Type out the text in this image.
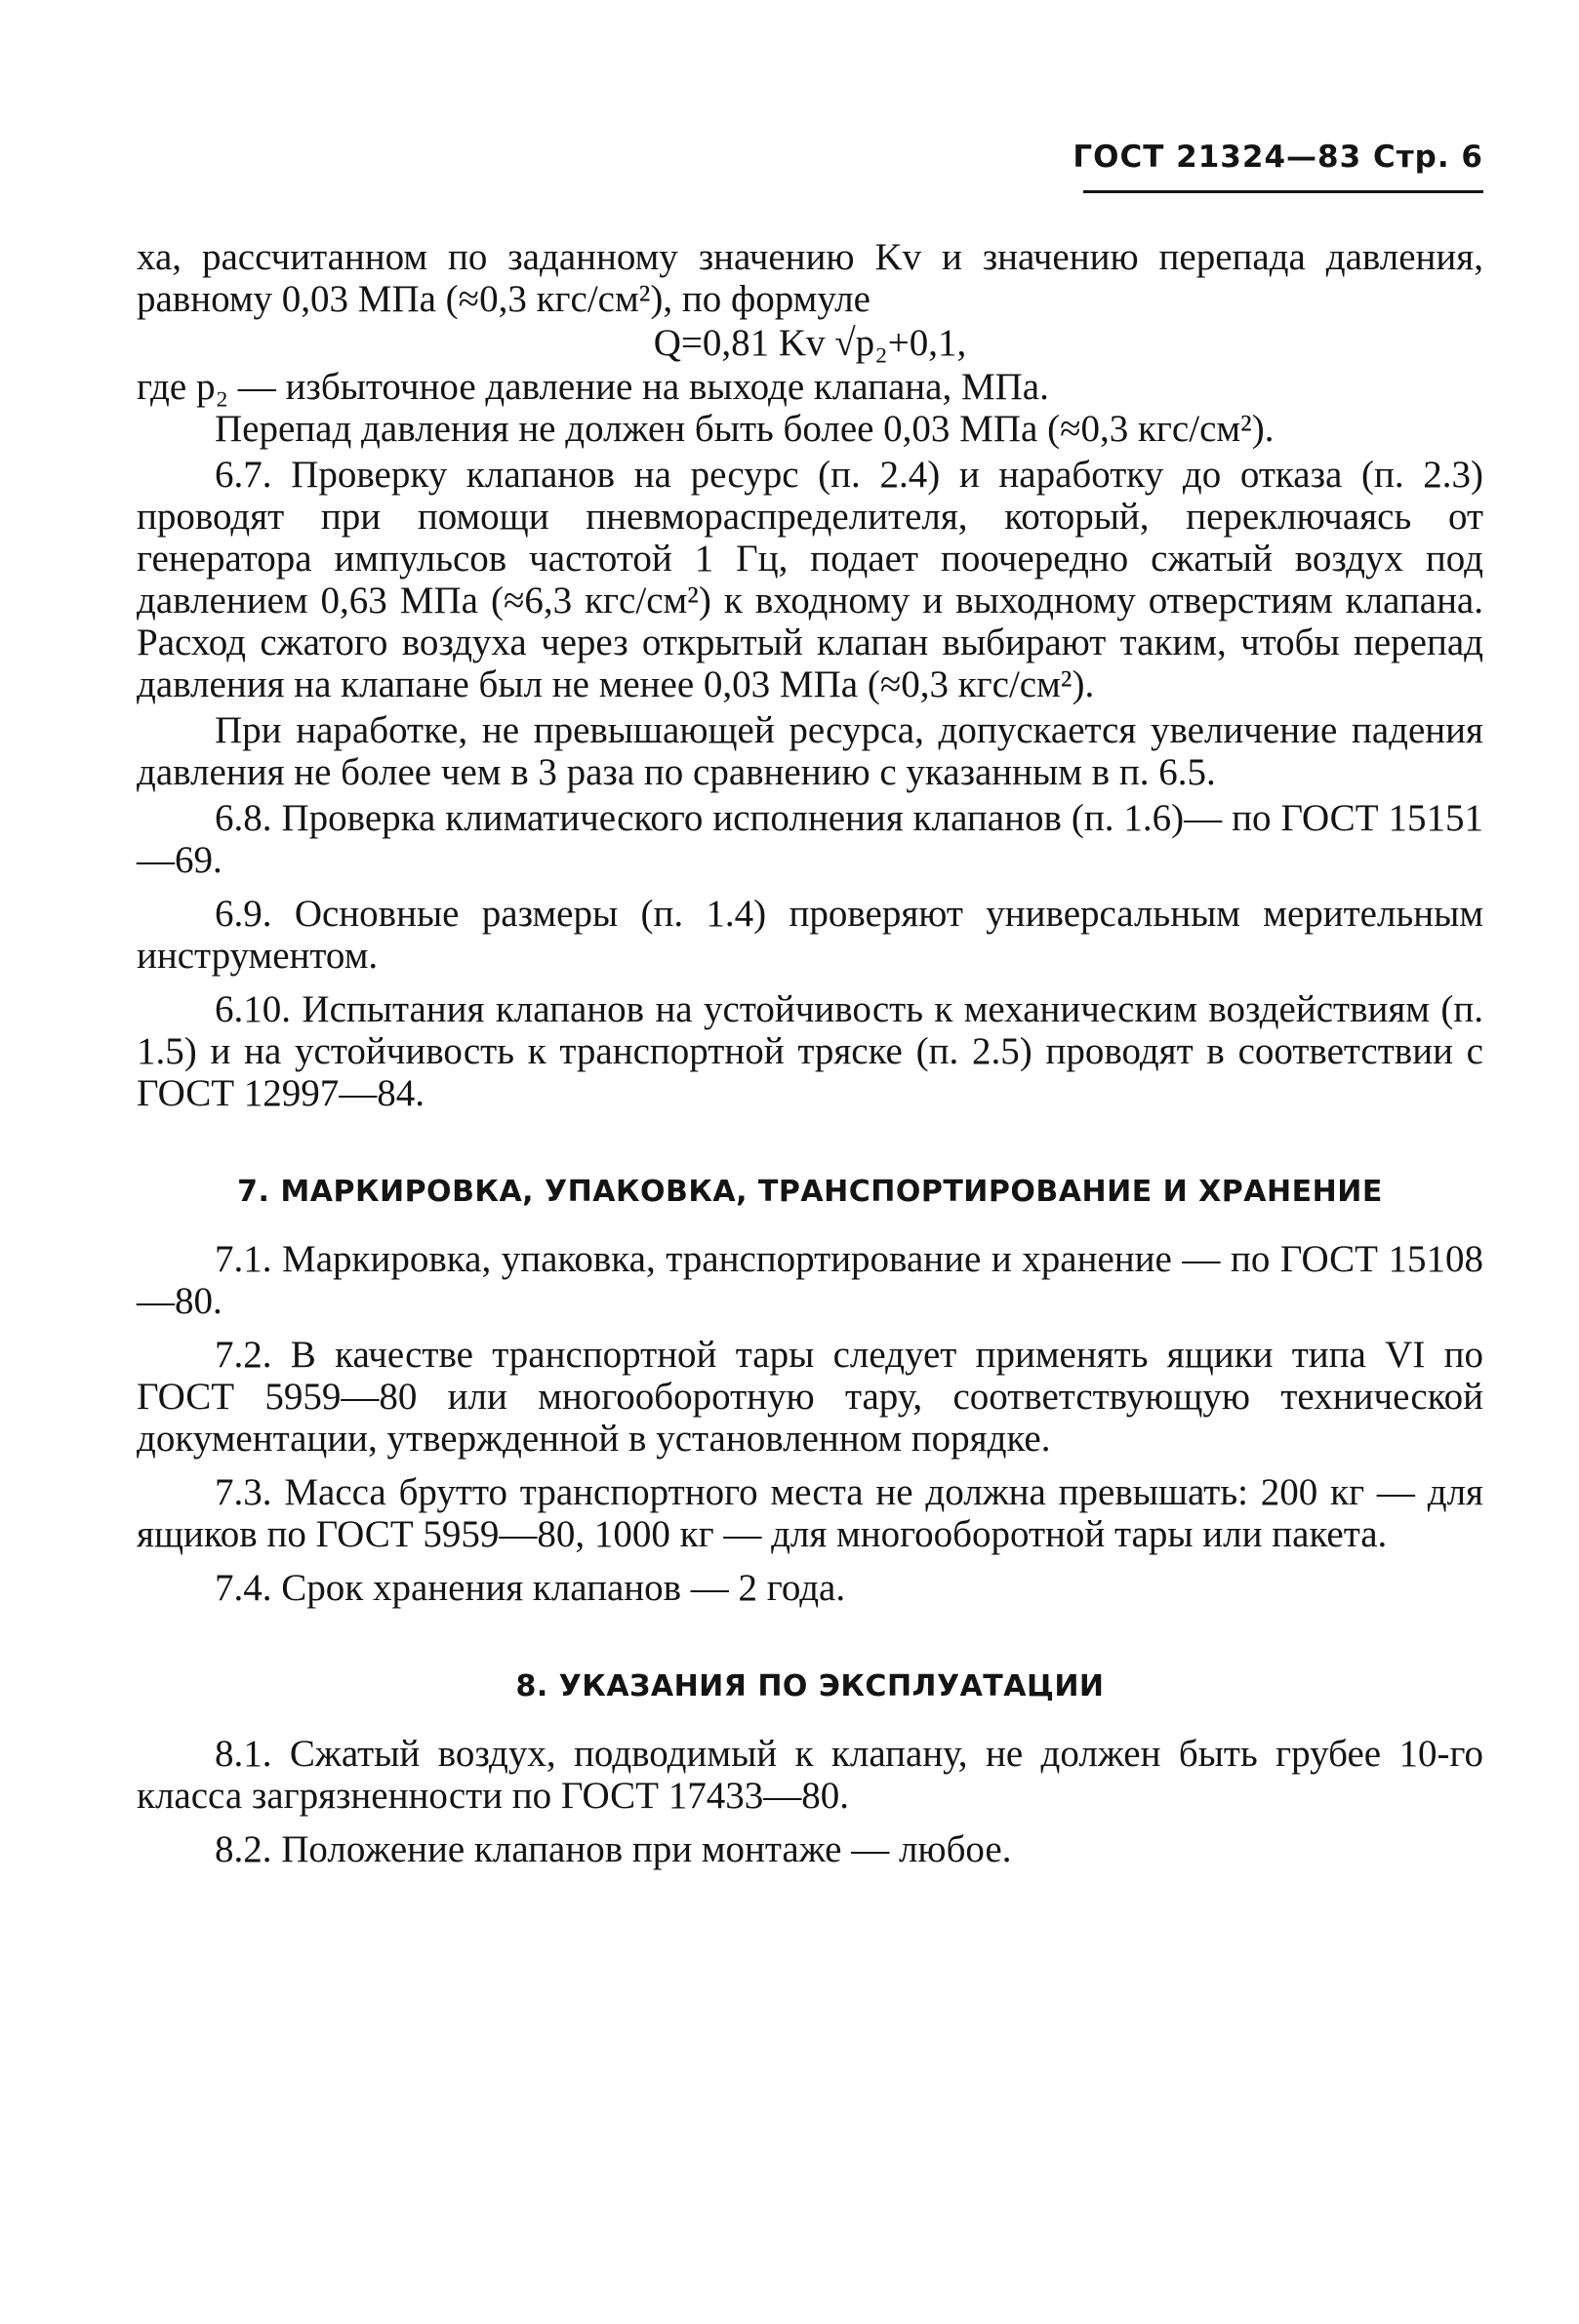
ГОСТ 21324—83 Стр. 6

ха, рассчитанном по заданному значению Kv и значению перепада давления, равному 0,03 МПа (≈0,3 кгс/см²), по формуле

Q=0,81 Kv √p₂+0,1,

где p₂ — избыточное давление на выходе клапана, МПа.

Перепад давления не должен быть более 0,03 МПа (≈0,3 кгс/см²).

6.7. Проверку клапанов на ресурс (п. 2.4) и наработку до отказа (п. 2.3) проводят при помощи пневмораспределителя, который, переключаясь от генератора импульсов частотой 1 Гц, подает поочередно сжатый воздух под давлением 0,63 МПа (≈6,3 кгс/см²) к входному и выходному отверстиям клапана. Расход сжатого воздуха через открытый клапан выбирают таким, чтобы перепад давления на клапане был не менее 0,03 МПа (≈0,3 кгс/см²).

При наработке, не превышающей ресурса, допускается увеличение падения давления не более чем в 3 раза по сравнению с указанным в п. 6.5.

6.8. Проверка климатического исполнения клапанов (п. 1.6)— по ГОСТ 15151—69.

6.9. Основные размеры (п. 1.4) проверяют универсальным мерительным инструментом.

6.10. Испытания клапанов на устойчивость к механическим воздействиям (п. 1.5) и на устойчивость к транспортной тряске (п. 2.5) проводят в соответствии с ГОСТ 12997—84.

7. МАРКИРОВКА, УПАКОВКА, ТРАНСПОРТИРОВАНИЕ И ХРАНЕНИЕ

7.1. Маркировка, упаковка, транспортирование и хранение — по ГОСТ 15108—80.

7.2. В качестве транспортной тары следует применять ящики типа VI по ГОСТ 5959—80 или многооборотную тару, соответствующую технической документации, утвержденной в установленном порядке.

7.3. Масса брутто транспортного места не должна превышать: 200 кг — для ящиков по ГОСТ 5959—80, 1000 кг — для многооборотной тары или пакета.

7.4. Срок хранения клапанов — 2 года.

8. УКАЗАНИЯ ПО ЭКСПЛУАТАЦИИ

8.1. Сжатый воздух, подводимый к клапану, не должен быть грубее 10-го класса загрязненности по ГОСТ 17433—80.

8.2. Положение клапанов при монтаже — любое.
